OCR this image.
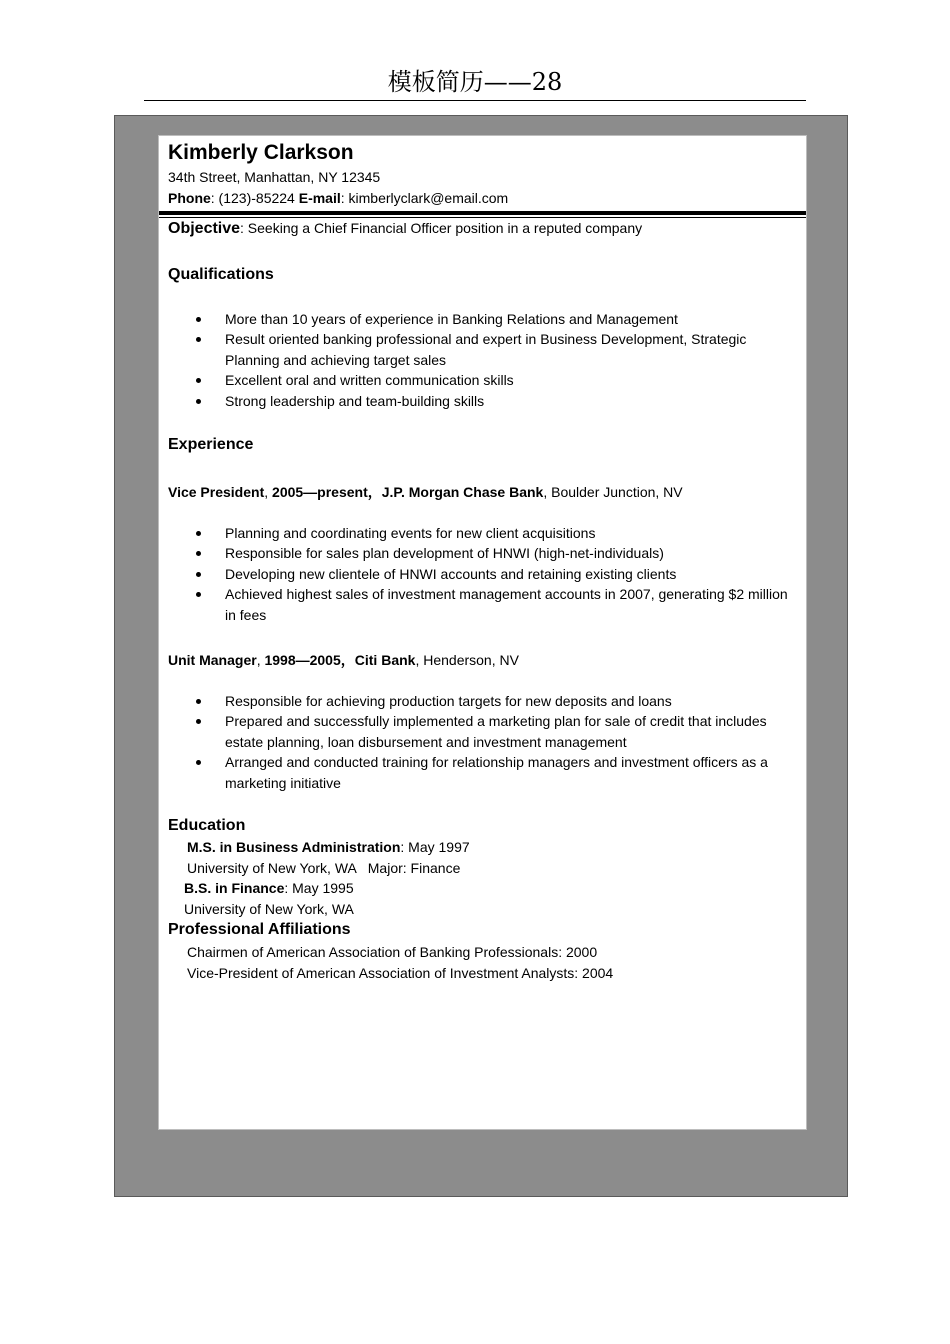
模板简历——28
Kimberly Clarkson
34th Street, Manhattan, NY 12345
Phone: (123)-85224 E-mail: kimberlyclark@email.com
Objective: Seeking a Chief Financial Officer position in a reputed company
Qualifications
More than 10 years of experience in Banking Relations and Management
Result oriented banking professional and expert in Business Development, Strategic Planning and achieving target sales
Excellent oral and written communication skills
Strong leadership and team-building skills
Experience
Vice President, 2005—present，J.P. Morgan Chase Bank, Boulder Junction, NV
Planning and coordinating events for new client acquisitions
Responsible for sales plan development of HNWI (high-net-individuals)
Developing new clientele of HNWI accounts and retaining existing clients
Achieved highest sales of investment management accounts in 2007, generating $2 million in fees
Unit Manager, 1998—2005，Citi Bank, Henderson, NV
Responsible for achieving production targets for new deposits and loans
Prepared and successfully implemented a marketing plan for sale of credit that includes estate planning, loan disbursement and investment management
Arranged and conducted training for relationship managers and investment officers as a marketing initiative
Education
M.S. in Business Administration: May 1997
University of New York, WA   Major: Finance
B.S. in Finance: May 1995
University of New York, WA
Professional Affiliations
Chairmen of American Association of Banking Professionals: 2000
Vice-President of American Association of Investment Analysts: 2004
